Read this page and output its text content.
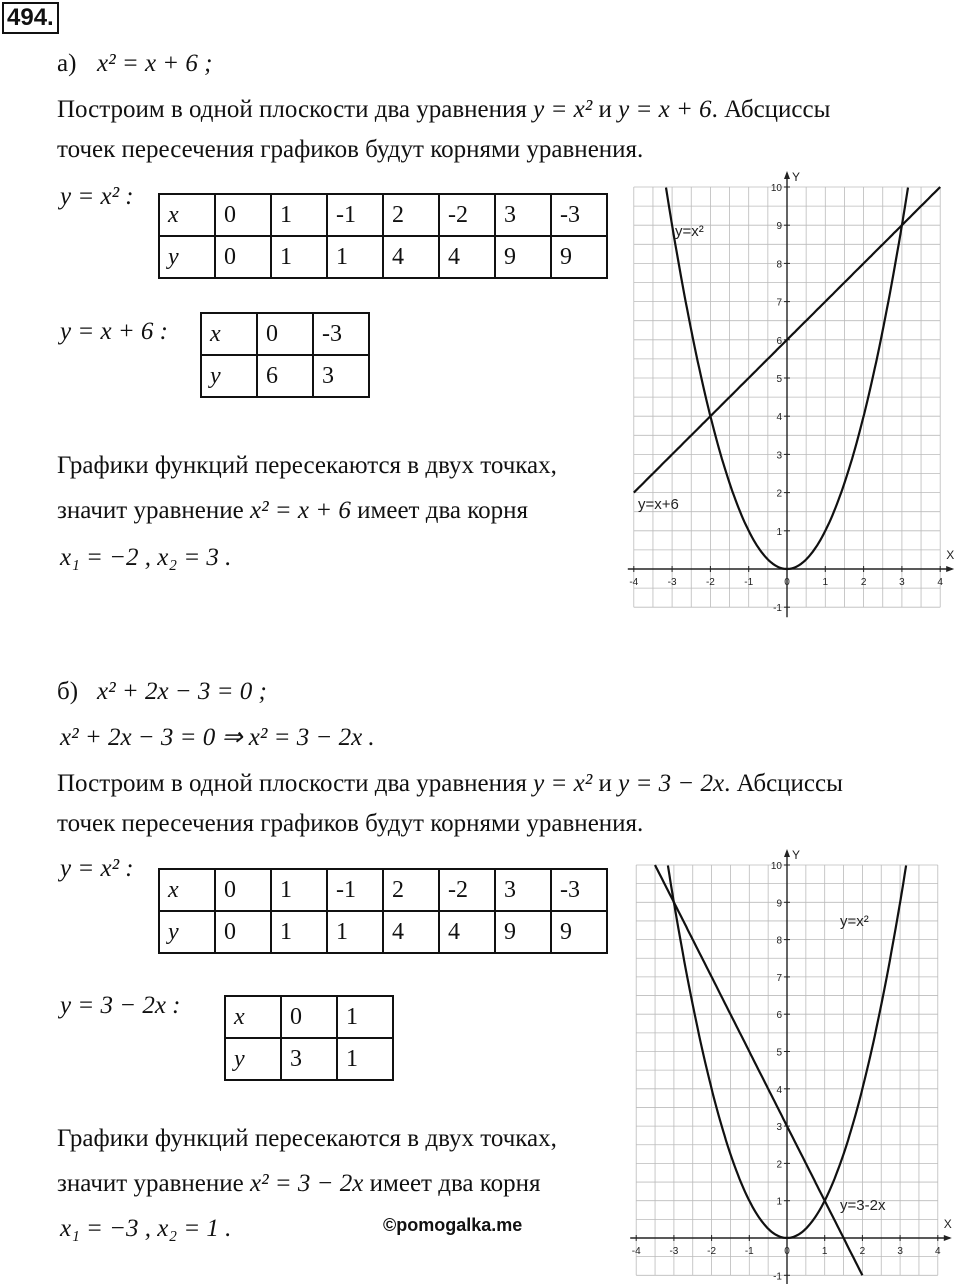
494.
а) x² = x + 6 ;
Построим в одной плоскости два уравнения y = x² и y = x + 6. Абсциссы
точек пересечения графиков будут корнями уравнения.
y = x² :
x	0	1	-1	2	-2	3	-3
y	0	1	1	4	4	9	9
y = x + 6 : x	0	-3
y	6	3
Графики функций пересекаются в двух точках,
значит уравнение x² = x + 6 имеет два корня
x₁ = −2 , x₂ = 3 .	X
Y
-4	-3	-2	-1	0	1	2	3	4
-1
1
2
3
4
5
6
7
8
9
10
y=x²
y=x+6
б) x² + 2x − 3 = 0 ;
x² + 2x − 3 = 0 ⇒ x² = 3 − 2x .
Построим в одной плоскости два уравнения y = x² и y = 3 − 2x. Абсциссы
точек пересечения графиков будут корнями уравнения.
y = x² :
x	0	1	-1	2	-2	3	-3
y	0	1	1	4	4	9	9
y = 3 − 2x : x	0	1
y	3	1
Графики функций пересекаются в двух точках,
значит уравнение x² = 3 − 2x имеет два корня
x₁ = −3 , x₂ = 1 .	©pomogalka.me	X
Y
-4	-3	-2	-1	0	1	2	3	4
-1
1
2
3
4
5
6
7
8
9
10
y=x²
y=3-2x
